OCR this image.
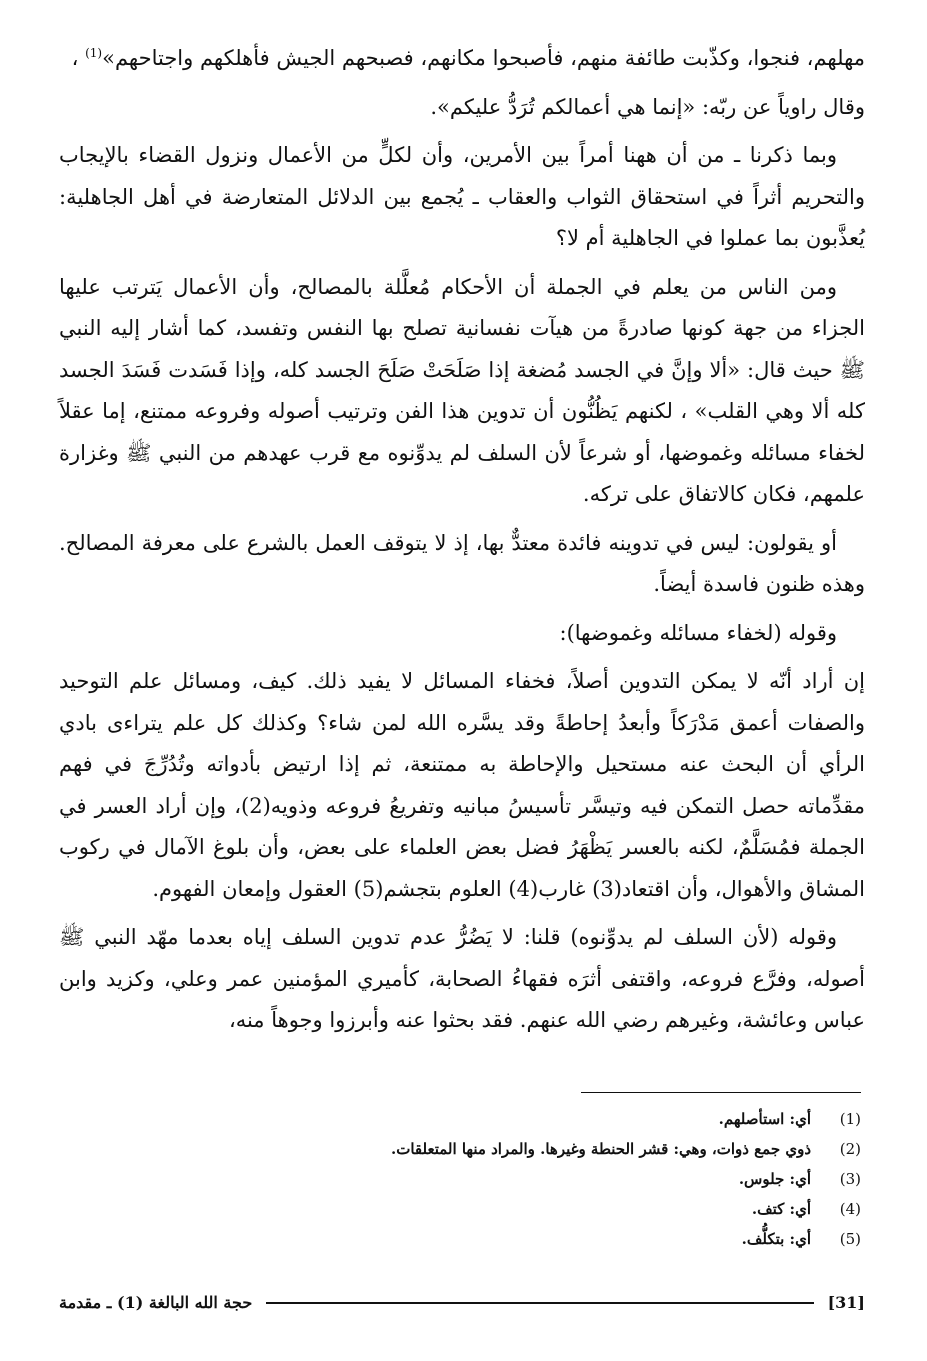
مهلهم، فنجوا، وكذّبت طائفة منهم، فأصبحوا مكانهم، فصبحهم الجيش فأهلكهم واجتاحهم»$^{(1)}$ ،

وقال راوياً عن ربّه: «إنما هي أعمالكم تُرَدُّ عليكم».

وبما ذكرنا ـ من أن ههنا أمراً بين الأمرين، وأن لكلٍّ من الأعمال ونزول القضاء بالإيجاب والتحريم أثراً في استحقاق الثواب والعقاب ـ يُجمع بين الدلائل المتعارضة في أهل الجاهلية: يُعذَّبون بما عملوا في الجاهلية أم لا؟

ومن الناس من يعلم في الجملة أن الأحكام مُعلَّلة بالمصالح، وأن الأعمال يَترتب عليها الجزاء من جهة كونها صادرةً من هيآت نفسانية تصلح بها النفس وتفسد، كما أشار إليه النبي ﷺ حيث قال: «ألا وإنَّ في الجسد مُضغة إذا صَلَحَتْ صَلَحَ الجسد كله، وإذا فَسَدت فَسَدَ الجسد كله ألا وهي القلب» ، لكنهم يَظُنُّون أن تدوين هذا الفن وترتيب أصوله وفروعه ممتنع، إما عقلاً لخفاء مسائله وغموضها، أو شرعاً لأن السلف لم يدوِّنوه مع قرب عهدهم من النبي ﷺ وغزارة علمهم، فكان كالاتفاق على تركه.

أو يقولون: ليس في تدوينه فائدة معتدٌّ بها، إذ لا يتوقف العمل بالشرع على معرفة المصالح. وهذه ظنون فاسدة أيضاً.

وقوله (لخفاء مسائله وغموضها):

إن أراد أنّه لا يمكن التدوين أصلاً، فخفاء المسائل لا يفيد ذلك. كيف، ومسائل علم التوحيد والصفات أعمق مَدْرَكاً وأبعدُ إحاطةً وقد يسَّره الله لمن شاء؟ وكذلك كل علم يتراءى بادي الرأي أن البحث عنه مستحيل والإحاطة به ممتنعة، ثم إذا ارتيض بأدواته وتُدُرِّجَ في فهم مقدِّماته حصل التمكن فيه وتيسَّر تأسيسُ مبانيه وتفريعُ فروعه وذويه(2)، وإن أراد العسر في الجملة فمُسَلَّمٌ، لكنه بالعسر يَظْهَرُ فضل بعض العلماء على بعض، وأن بلوغ الآمال في ركوب المشاق والأهوال، وأن اقتعاد(3) غارب(4) العلوم بتجشم(5) العقول وإمعان الفهوم.

وقوله (لأن السلف لم يدوِّنوه) قلنا: لا يَضُرُّ عدم تدوين السلف إياه بعدما مهّد النبي ﷺ أصوله، وفرَّع فروعه، واقتفى أثرَه فقهاءُ الصحابة، كأميري المؤمنين عمر وعلي، وكزيد وابن عباس وعائشة، وغيرهم رضي الله عنهم. فقد بحثوا عنه وأبرزوا وجوهاً منه،

(1)
أي: استأصلهم.
(2)
ذوي جمع ذوات، وهي: قشر الحنطة وغيرها. والمراد منها المتعلقات.
(3)
أي: جلوس.
(4)
أي: كتف.
(5)
أي: بتكلُّف.
[31]
حجة الله البالغة (1) ـ مقدمة
